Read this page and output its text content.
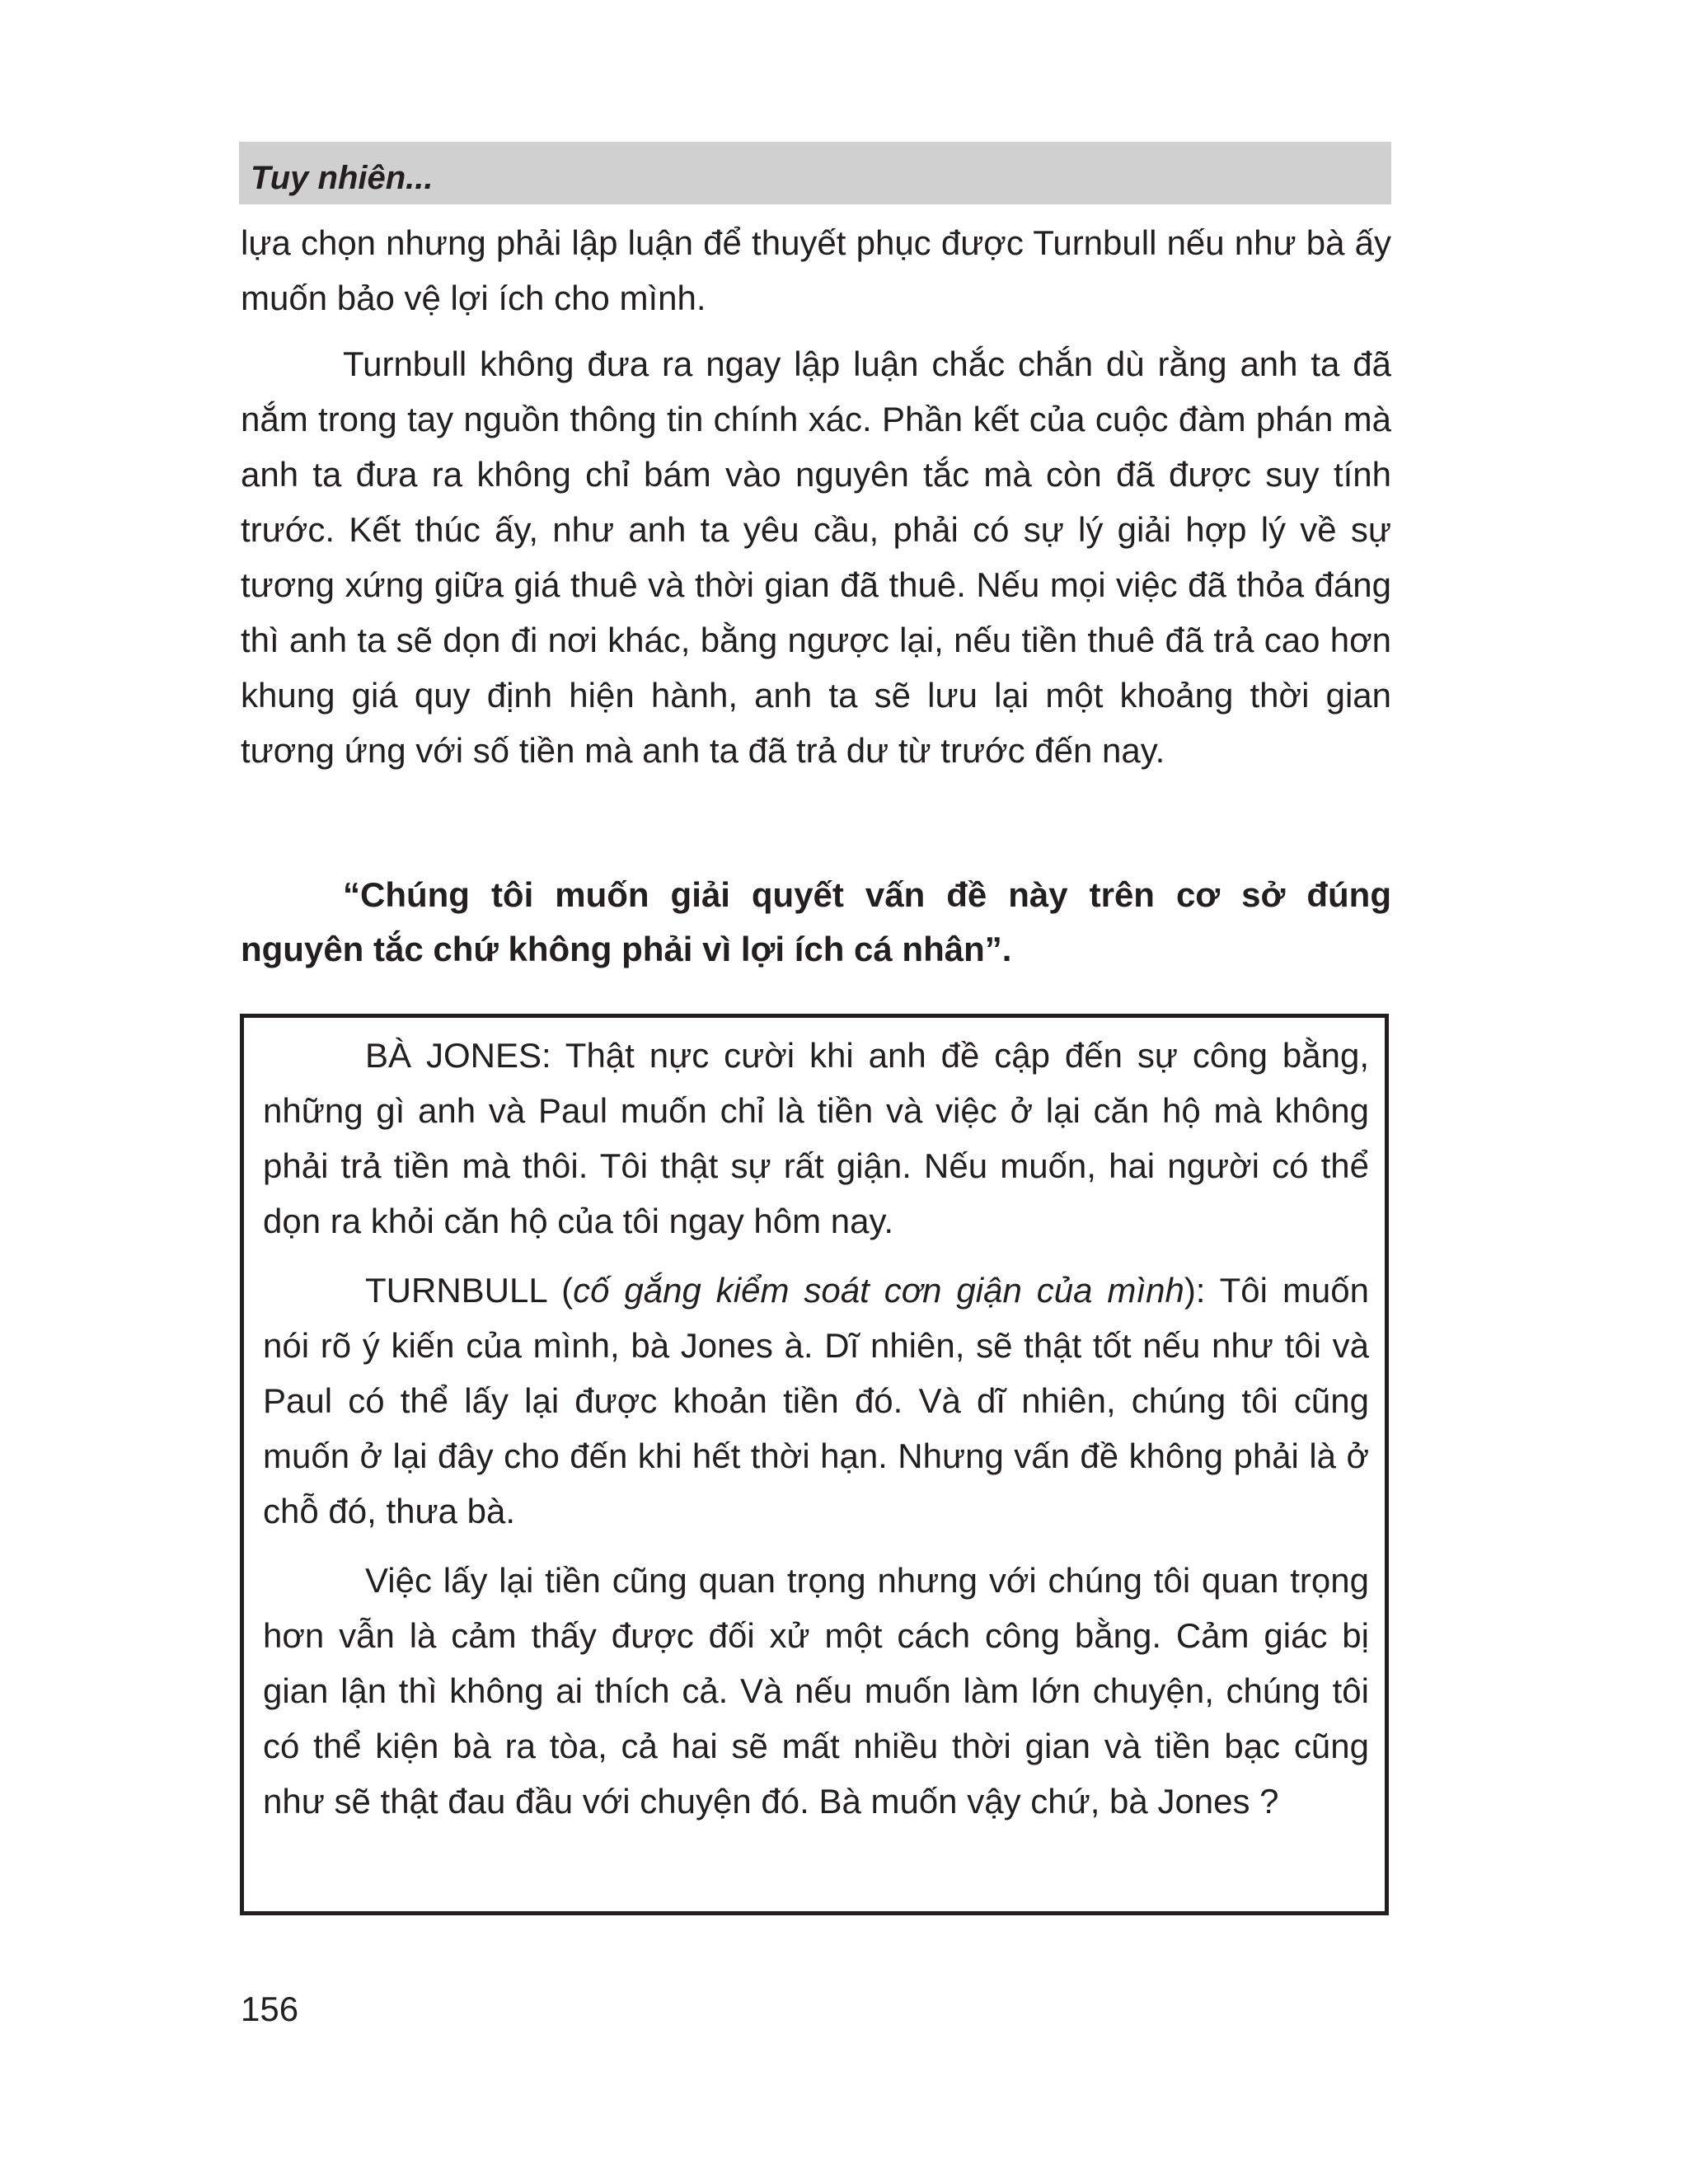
Tuy nhiên...

lựa chọn nhưng phải lập luận để thuyết phục được Turnbull nếu như bà ấy muốn bảo vệ lợi ích cho mình.

Turnbull không đưa ra ngay lập luận chắc chắn dù rằng anh ta đã nắm trong tay nguồn thông tin chính xác. Phần kết của cuộc đàm phán mà anh ta đưa ra không chỉ bám vào nguyên tắc mà còn đã được suy tính trước. Kết thúc ấy, như anh ta yêu cầu, phải có sự lý giải hợp lý về sự tương xứng giữa giá thuê và thời gian đã thuê. Nếu mọi việc đã thỏa đáng thì anh ta sẽ dọn đi nơi khác, bằng ngược lại, nếu tiền thuê đã trả cao hơn khung giá quy định hiện hành, anh ta sẽ lưu lại một khoảng thời gian tương ứng với số tiền mà anh ta đã trả dư từ trước đến nay.

“Chúng tôi muốn giải quyết vấn đề này trên cơ sở đúng nguyên tắc chứ không phải vì lợi ích cá nhân”.

BÀ JONES: Thật nực cười khi anh đề cập đến sự công bằng, những gì anh và Paul muốn chỉ là tiền và việc ở lại căn hộ mà không phải trả tiền mà thôi. Tôi thật sự rất giận. Nếu muốn, hai người có thể dọn ra khỏi căn hộ của tôi ngay hôm nay.

TURNBULL (cố gắng kiểm soát cơn giận của mình): Tôi muốn nói rõ ý kiến của mình, bà Jones à. Dĩ nhiên, sẽ thật tốt nếu như tôi và Paul có thể lấy lại được khoản tiền đó. Và dĩ nhiên, chúng tôi cũng muốn ở lại đây cho đến khi hết thời hạn. Nhưng vấn đề không phải là ở chỗ đó, thưa bà.

Việc lấy lại tiền cũng quan trọng nhưng với chúng tôi quan trọng hơn vẫn là cảm thấy được đối xử một cách công bằng. Cảm giác bị gian lận thì không ai thích cả. Và nếu muốn làm lớn chuyện, chúng tôi có thể kiện bà ra tòa, cả hai sẽ mất nhiều thời gian và tiền bạc cũng như sẽ thật đau đầu với chuyện đó. Bà muốn vậy chứ, bà Jones ?

156
